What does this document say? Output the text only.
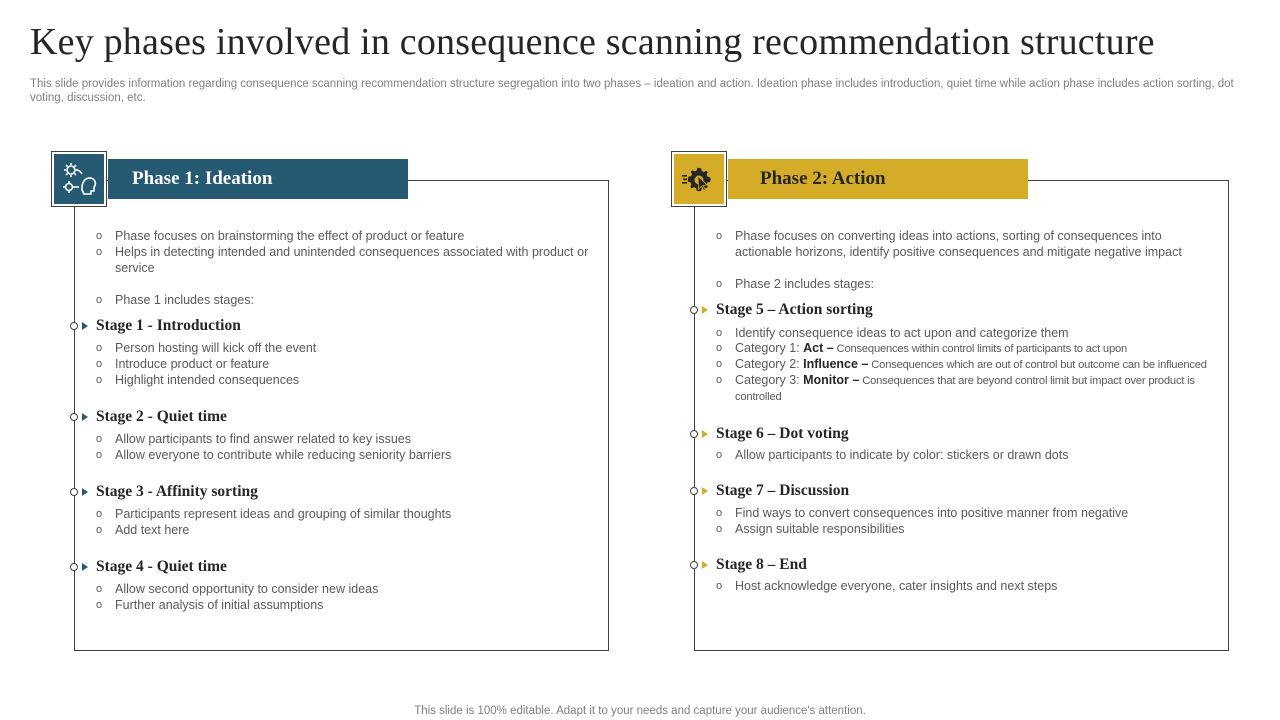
Key phases involved in consequence scanning recommendation structure

This slide provides information regarding consequence scanning recommendation structure segregation into two phases – ideation and action. Ideation phase includes introduction, quiet time while action phase includes action sorting, dot voting, discussion, etc.

Phase 1: Ideation
o Phase focuses on brainstorming the effect of product or feature
o Helps in detecting intended and unintended consequences associated with product or service
o Phase 1 includes stages:
Stage 1 - Introduction
o Person hosting will kick off the event
o Introduce product or feature
o Highlight intended consequences
Stage 2 - Quiet time
o Allow participants to find answer related to key issues
o Allow everyone to contribute while reducing seniority barriers
Stage 3 - Affinity sorting
o Participants represent ideas and grouping of similar thoughts
o Add text here
Stage 4 - Quiet time
o Allow second opportunity to consider new ideas
o Further analysis of initial assumptions
Phase 2: Action
o Phase focuses on converting ideas into actions, sorting of consequences into actionable horizons, identify positive consequences and mitigate negative impact
o Phase 2 includes stages:
Stage 5 – Action sorting
o Identify consequence ideas to act upon and categorize them
o Category 1: Act – Consequences within control limits of participants to act upon
o Category 2: Influence – Consequences which are out of control but outcome can be influenced
o Category 3: Monitor – Consequences that are beyond control limit but impact over product is controlled
Stage 6 – Dot voting
o Allow participants to indicate by color: stickers or drawn dots
Stage 7 – Discussion
o Find ways to convert consequences into positive manner from negative
o Assign suitable responsibilities
Stage 8 – End
o Host acknowledge everyone, cater insights and next steps
This slide is 100% editable. Adapt it to your needs and capture your audience's attention.
